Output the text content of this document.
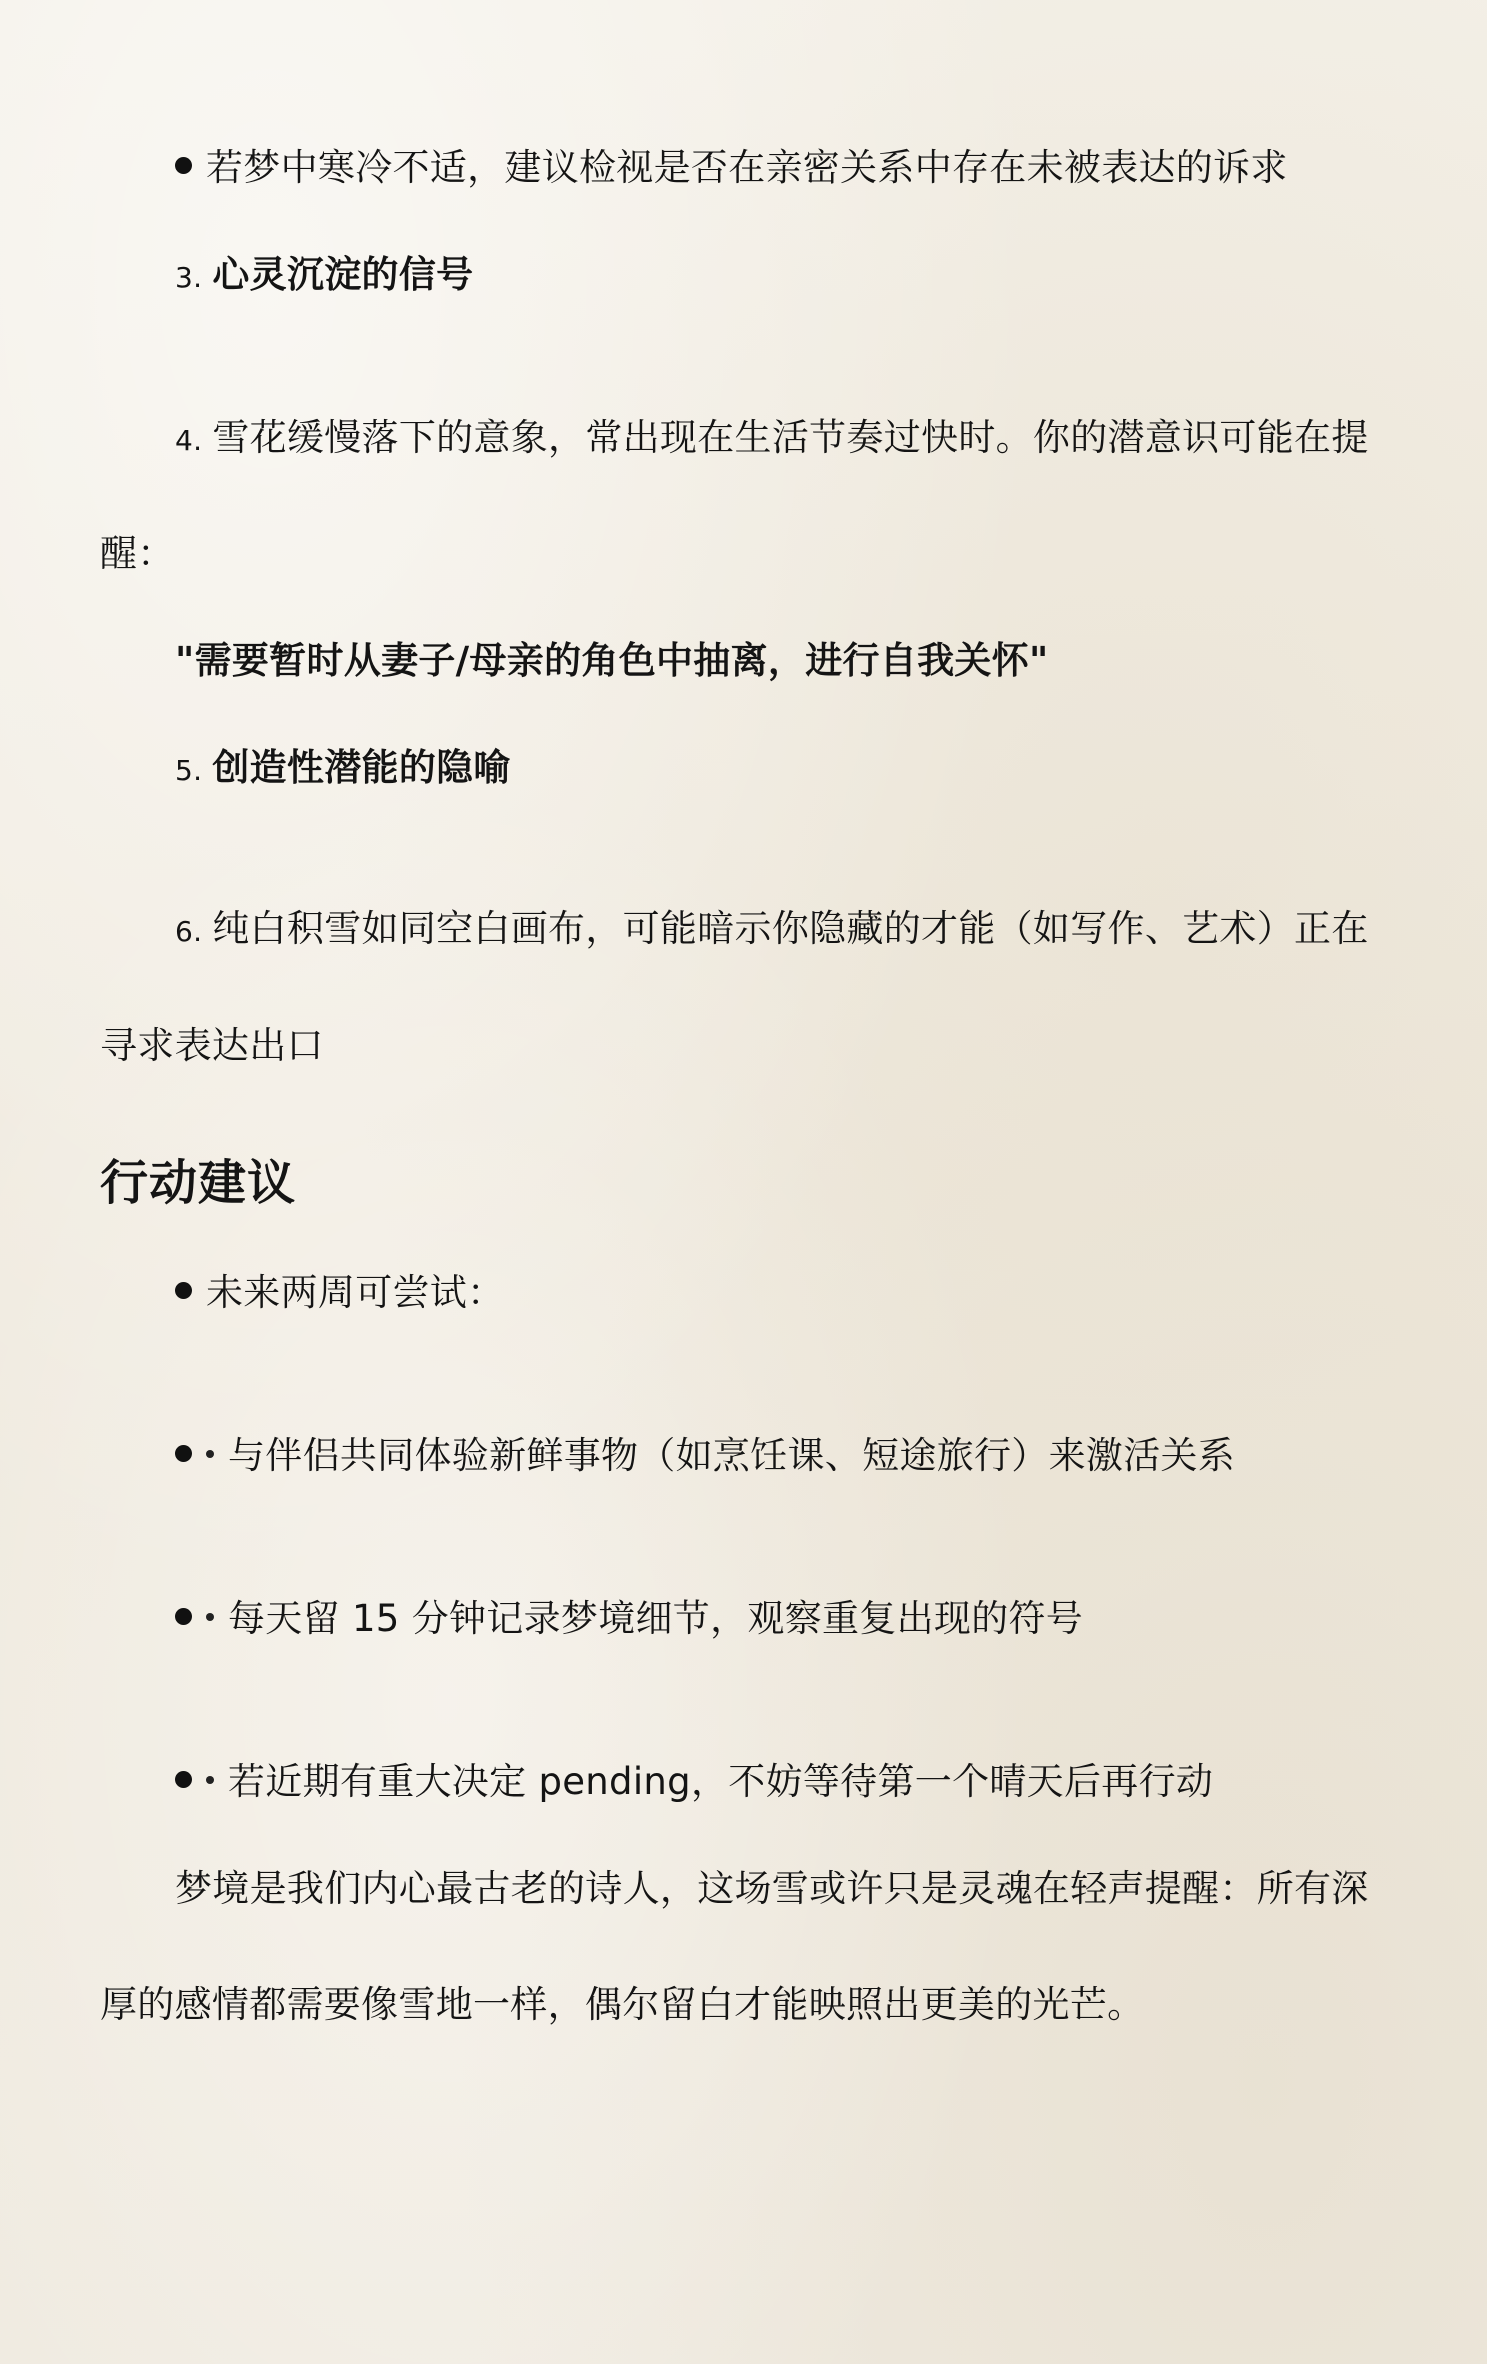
若梦中寒冷不适，建议检视是否在亲密关系中存在未被表达的诉求
3. 心灵沉淀的信号
4. 雪花缓慢落下的意象，常出现在生活节奏过快时。你的潜意识可能在提
醒：
"需要暂时从妻子/母亲的角色中抽离，进行自我关怀"
5. 创造性潜能的隐喻
6. 纯白积雪如同空白画布，可能暗示你隐藏的才能（如写作、艺术）正在
寻求表达出口
行动建议
未来两周可尝试：
与伴侣共同体验新鲜事物（如烹饪课、短途旅行）来激活关系
每天留 15 分钟记录梦境细节，观察重复出现的符号
若近期有重大决定 pending，不妨等待第一个晴天后再行动
梦境是我们内心最古老的诗人，这场雪或许只是灵魂在轻声提醒：所有深
厚的感情都需要像雪地一样，偶尔留白才能映照出更美的光芒。
